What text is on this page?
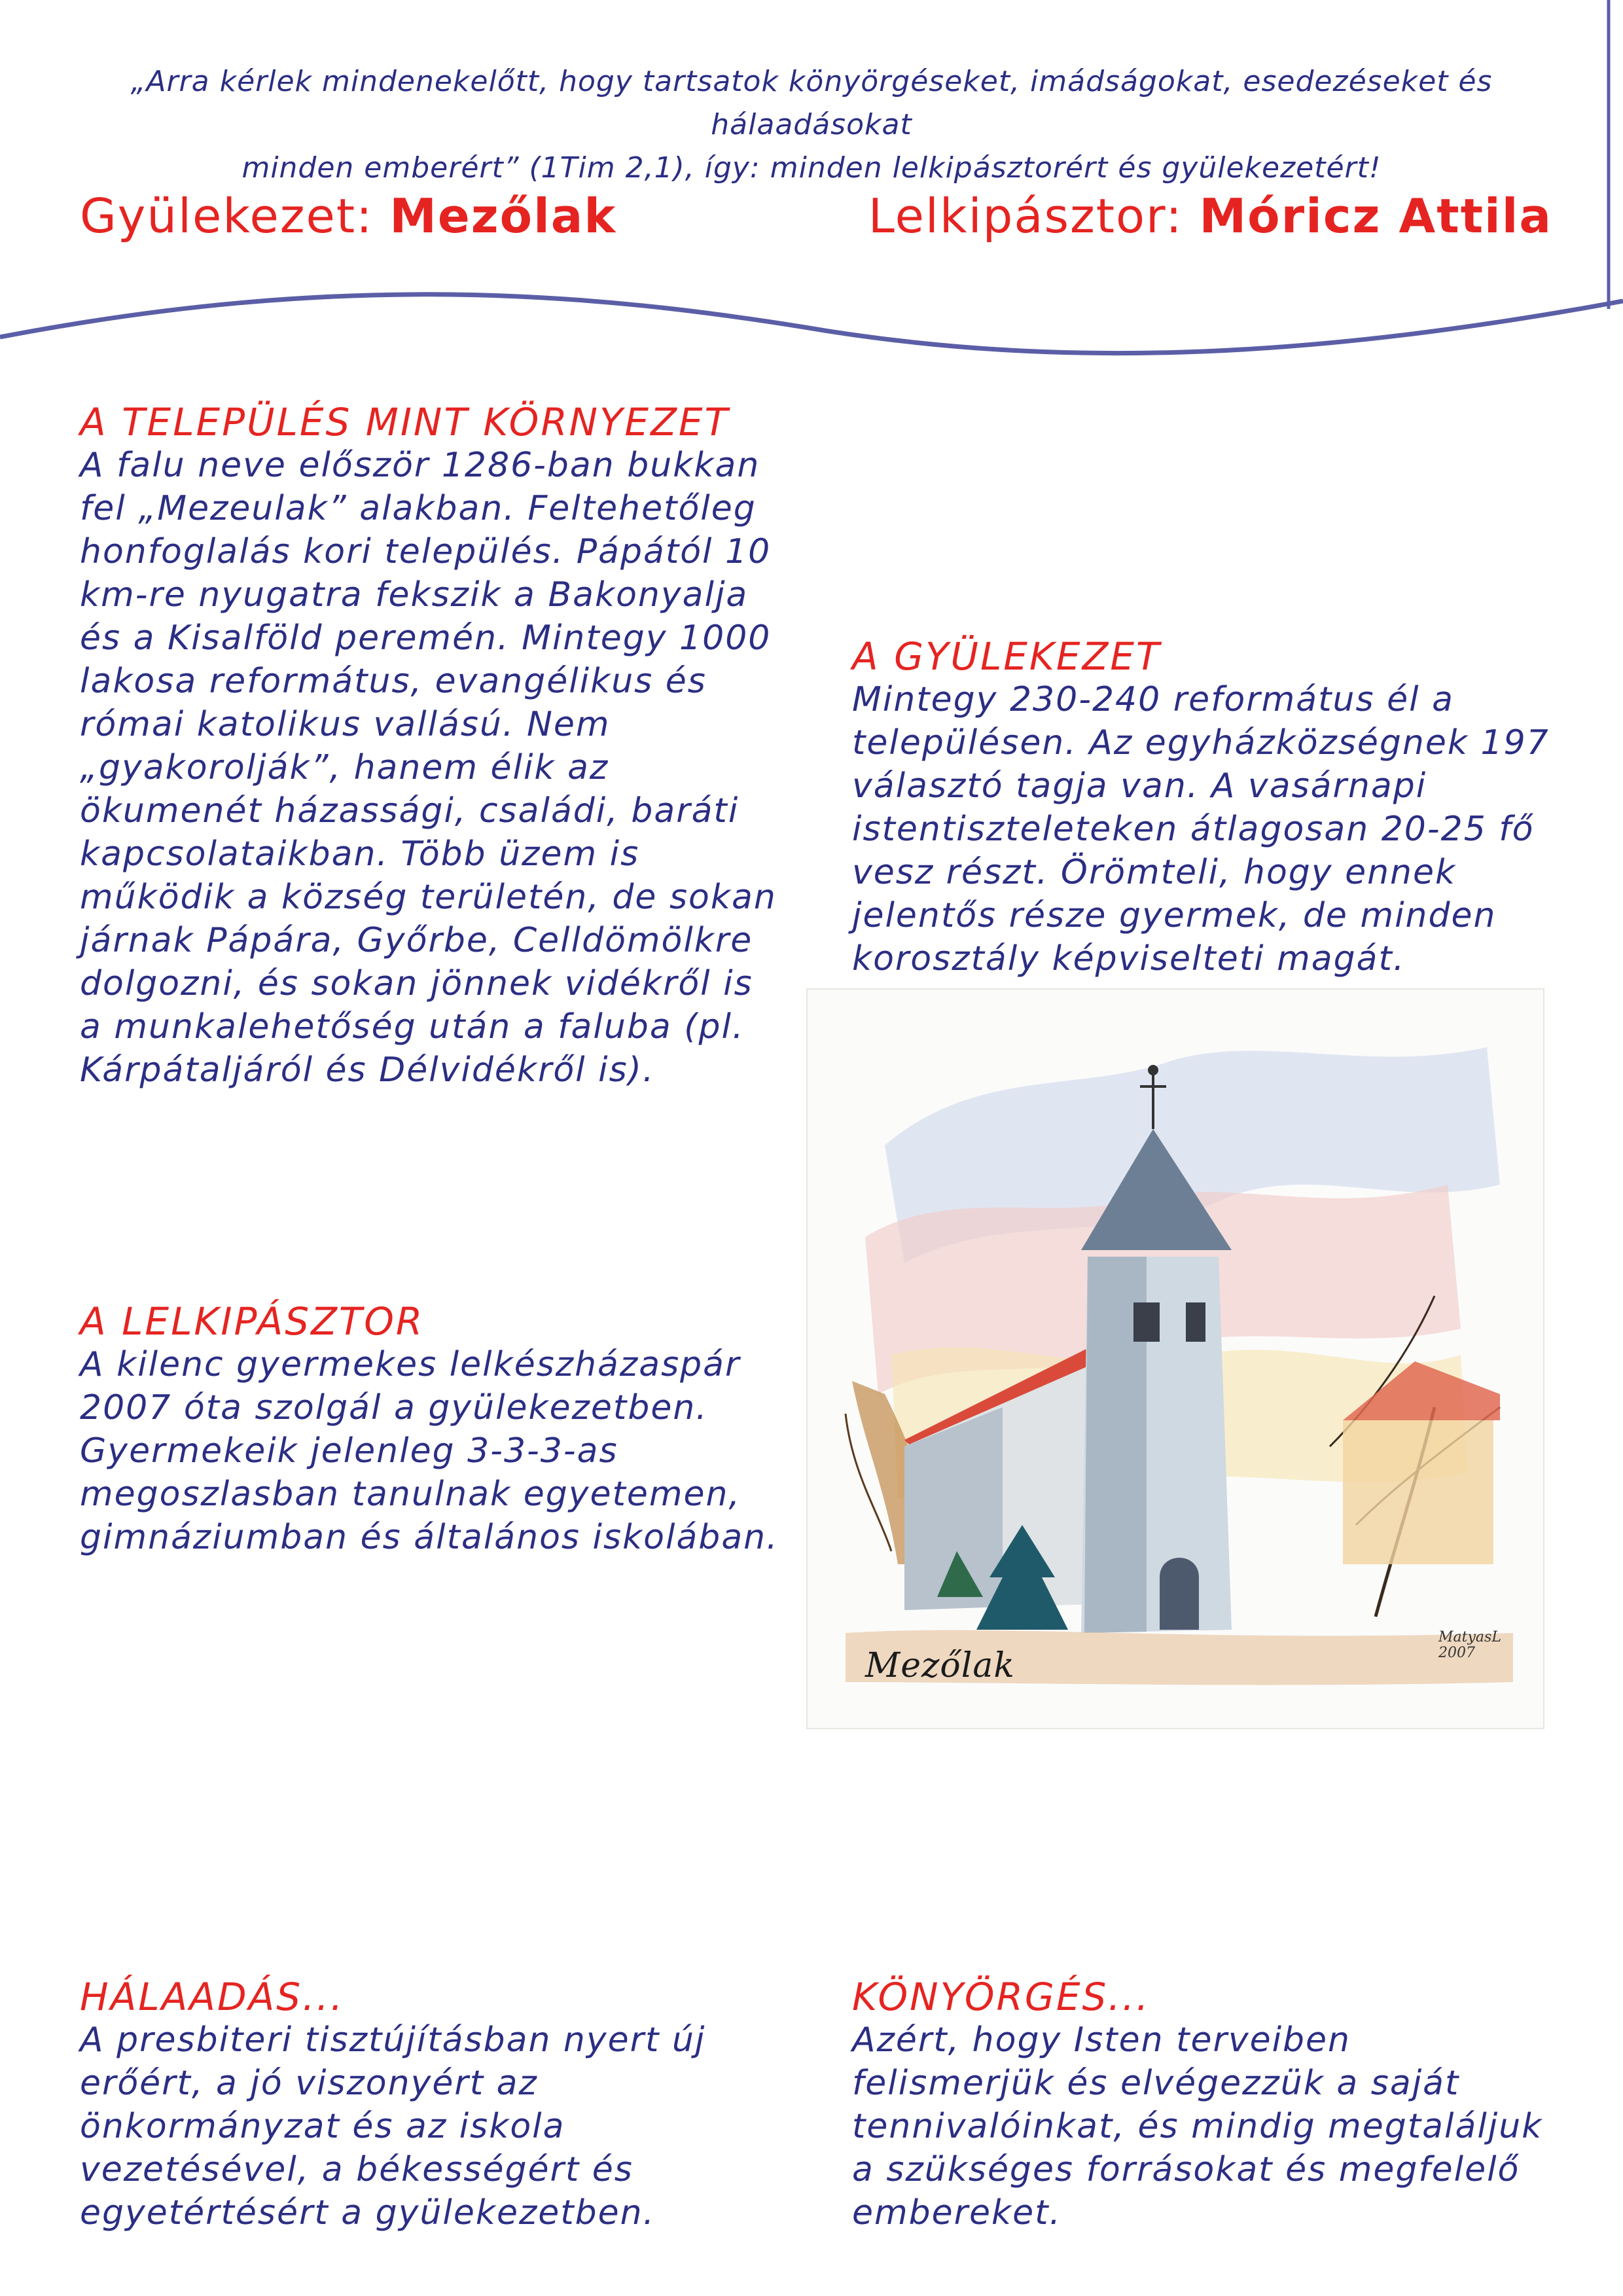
„Arra kérlek mindenekelőtt, hogy tartsatok könyörgéseket, imádságokat, esedezéseket és hálaadásokat
minden emberért” (1Tim 2,1), így: minden lelkipásztorért és gyülekezetért!
Gyülekezet: Mezőlak	Lelkipásztor: Móricz Attila
A TELEPÜLÉS MINT KÖRNYEZET

A falu neve először 1286-ban bukkan fel „Mezeulak” alakban. Feltehetőleg honfoglalás kori település. Pápától 10 km-re nyugatra fekszik a Bakonyalja és a Kisalföld peremén. Mintegy 1000 lakosa református, evangélikus és római katolikus vallású. Nem „gyakorolják”, hanem élik az ökumenét házassági, családi, baráti kapcsolataikban. Több üzem is működik a község területén, de sokan járnak Pápára, Győrbe, Celldömölkre dolgozni, és sokan jönnek vidékről is a munkalehetőség után a faluba (pl. Kárpátaljáról és Délvidékről is).

A GYÜLEKEZET

Mintegy 230-240 református él a településen. Az egyházközségnek 197 választó tagja van. A vasárnapi istentiszteleteken átlagosan 20-25 fő vesz részt. Örömteli, hogy ennek jelentős része gyermek, de minden korosztály képviselteti magát.

Mezőlak
MatyasL
2007
A LELKIPÁSZTOR

A kilenc gyermekes lelkészházaspár 2007 óta szolgál a gyülekezetben. Gyermekeik jelenleg 3-3-3-as megoszlasban tanulnak egyetemen, gimnáziumban és általános iskolában.

HÁLAADÁS...

A presbiteri tisztújításban nyert új erőért, a jó viszonyért az önkormányzat és az iskola vezetésével, a békességért és egyetértésért a gyülekezetben.

KÖNYÖRGÉS...

Azért, hogy Isten terveiben felismerjük és elvégezzük a saját tennivalóinkat, és mindig megtaláljuk a szükséges forrásokat és megfelelő embereket.
